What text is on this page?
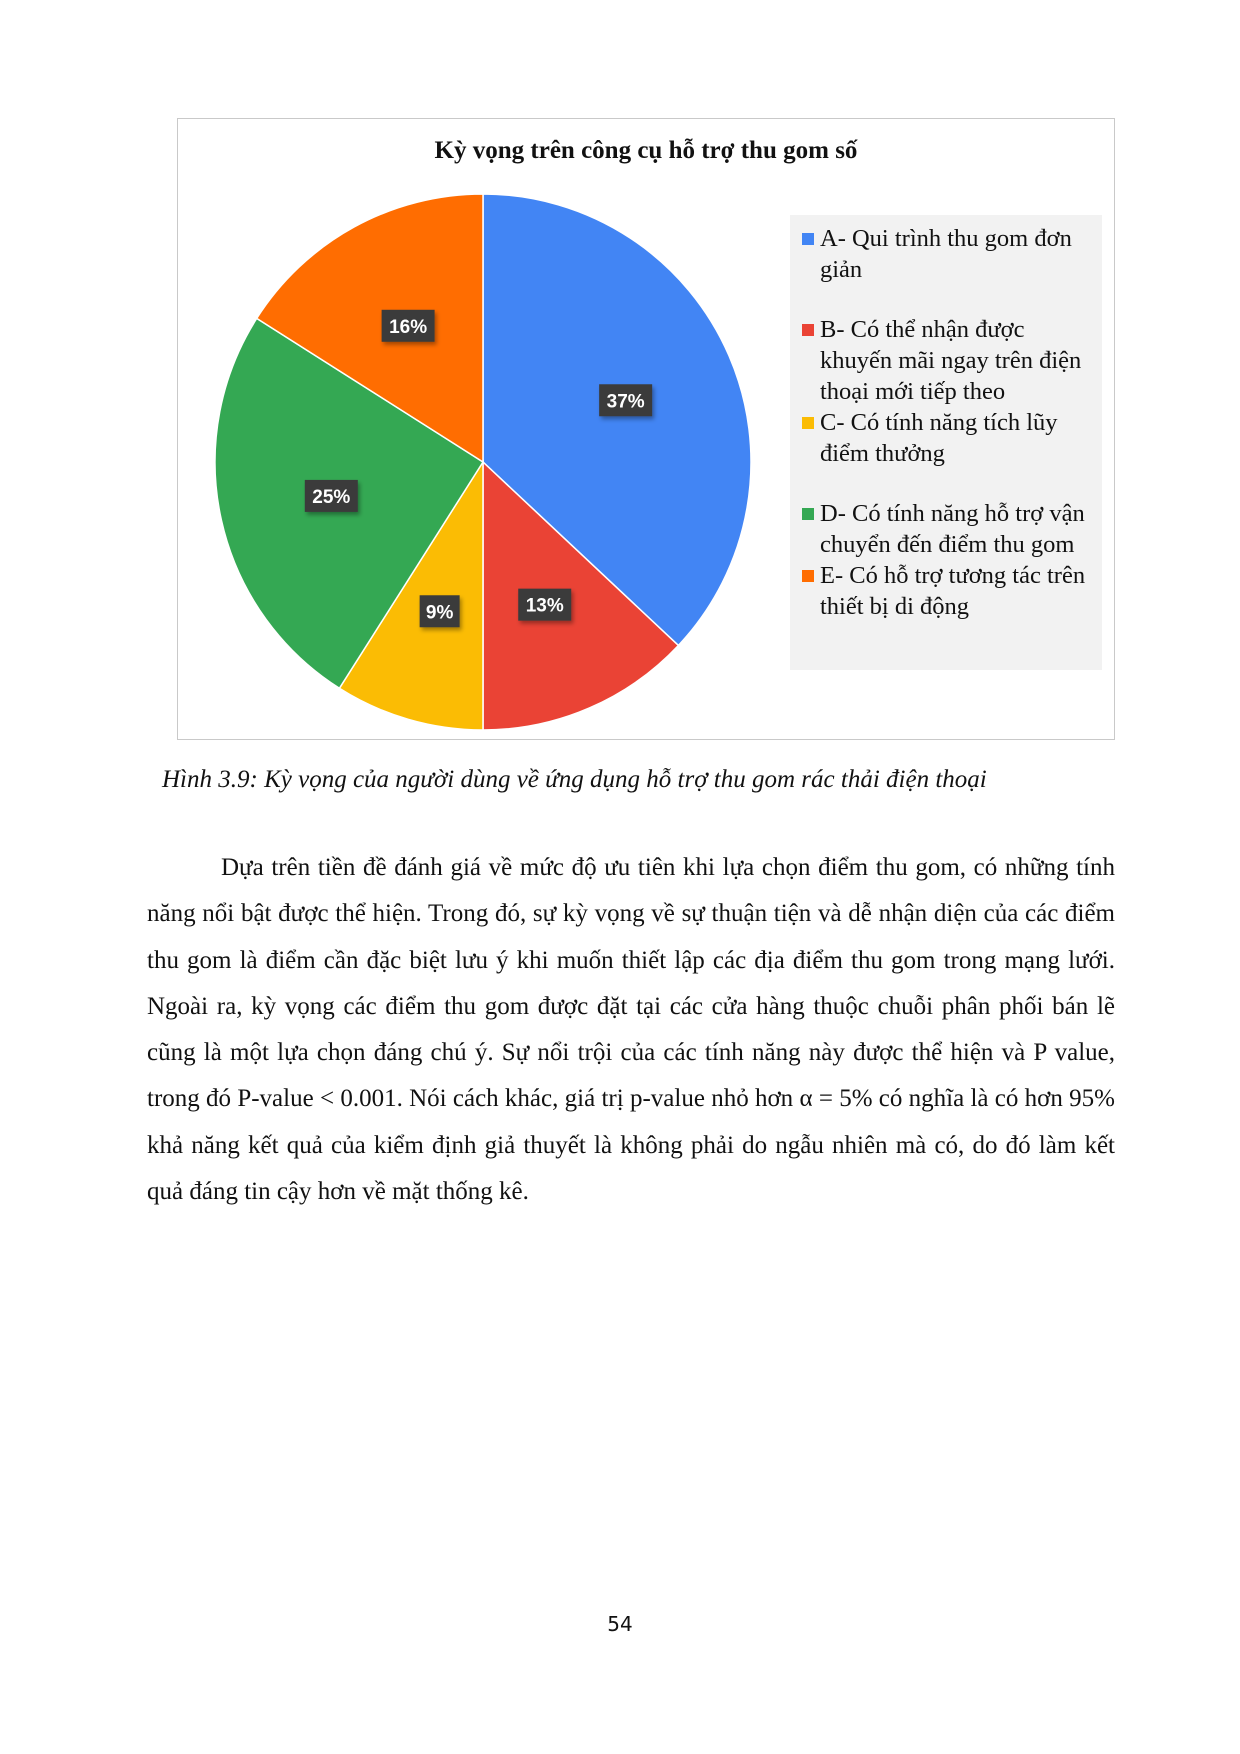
Kỳ vọng trên công cụ hỗ trợ thu gom số
37%
13%
9%
25%
16%
A- Qui trình thu gom đơn giản
B- Có thể nhận được khuyến mãi ngay trên điện thoại mới tiếp theo
C- Có tính năng tích lũy điểm thưởng
D- Có tính năng hỗ trợ vận chuyển đến điểm thu gom
E- Có hỗ trợ tương tác trên thiết bị di động
Hình 3.9: Kỳ vọng của người dùng về ứng dụng hỗ trợ thu gom rác thải điện thoại

Dựa trên tiền đề đánh giá về mức độ ưu tiên khi lựa chọn điểm thu gom, có những tính năng nổi bật được thể hiện. Trong đó, sự kỳ vọng về sự thuận tiện và dễ nhận diện của các điểm thu gom là điểm cần đặc biệt lưu ý khi muốn thiết lập các địa điểm thu gom trong mạng lưới. Ngoài ra, kỳ vọng các điểm thu gom được đặt tại các cửa hàng thuộc chuỗi phân phối bán lẽ cũng là một lựa chọn đáng chú ý. Sự nổi trội của các tính năng này được thể hiện và P value, trong đó P-value < 0.001. Nói cách khác, giá trị p-value nhỏ hơn α = 5% có nghĩa là có hơn 95% khả năng kết quả của kiểm định giả thuyết là không phải do ngẫu nhiên mà có, do đó làm kết quả đáng tin cậy hơn về mặt thống kê.

54
